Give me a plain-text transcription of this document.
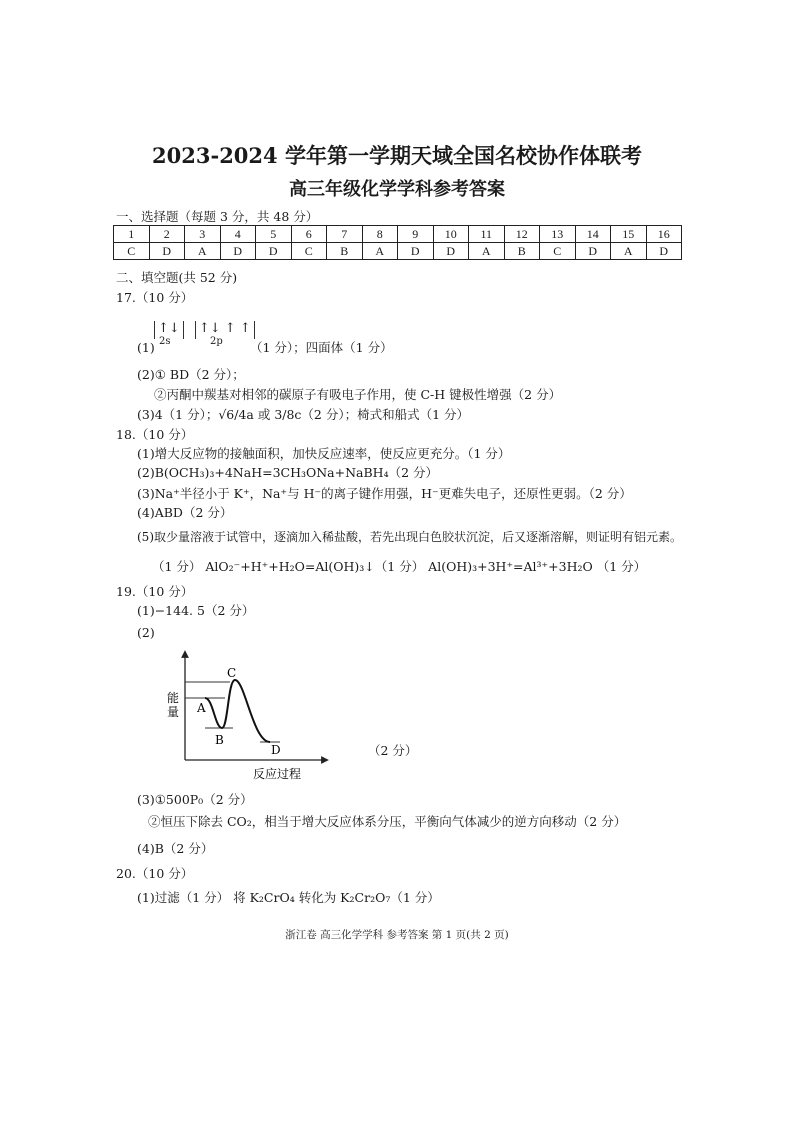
2023-2024 学年第一学期天域全国名校协作体联考
高三年级化学学科参考答案
一、选择题（每题 3 分，共 48 分）
1	2	3	4	5	6	7	8	9	10	11	12	13	14	15	16
C	D	A	D	D	C	B	A	D	D	A	B	C	D	A	D
二、填空题(共 52 分)
17.（10 分）
↑↓ ↑↓ ↑ ↑
2s	2p
(1)	（1 分）；四面体（1 分）
(2)① BD（2 分）；
②丙酮中羰基对相邻的碳原子有吸电子作用，使 C-H 键极性增强（2 分）
(3)4（1 分）；√6/4a 或 3/8c（2 分）；椅式和船式（1 分）
18.（10 分）
(1)增大反应物的接触面积，加快反应速率，使反应更充分。（1 分）
(2)B(OCH₃)₃+4NaH=3CH₃ONa+NaBH₄（2 分）
(3)Na⁺半径小于 K⁺，Na⁺与 H⁻的离子键作用强，H⁻更难失电子，还原性更弱。（2 分）
(4)ABD（2 分）
(5)取少量溶液于试管中，逐滴加入稀盐酸，若先出现白色胶状沉淀，后又逐渐溶解，则证明有铝元素。
（1 分） AlO₂⁻+H⁺+H₂O=Al(OH)₃↓（1 分） Al(OH)₃+3H⁺=Al³⁺+3H₂O （1 分）
19.（10 分）
(1)−144. 5（2 分）
(2)
能
量 A
B
C
D
反应过程
（2 分）
(3)①500P₀（2 分）
②恒压下除去 CO₂，相当于增大反应体系分压，平衡向气体减少的逆方向移动（2 分）
(4)B（2 分）
20.（10 分）
(1)过滤（1 分） 将 K₂CrO₄ 转化为 K₂Cr₂O₇（1 分）
浙江卷 高三化学学科 参考答案 第 1 页(共 2 页)
